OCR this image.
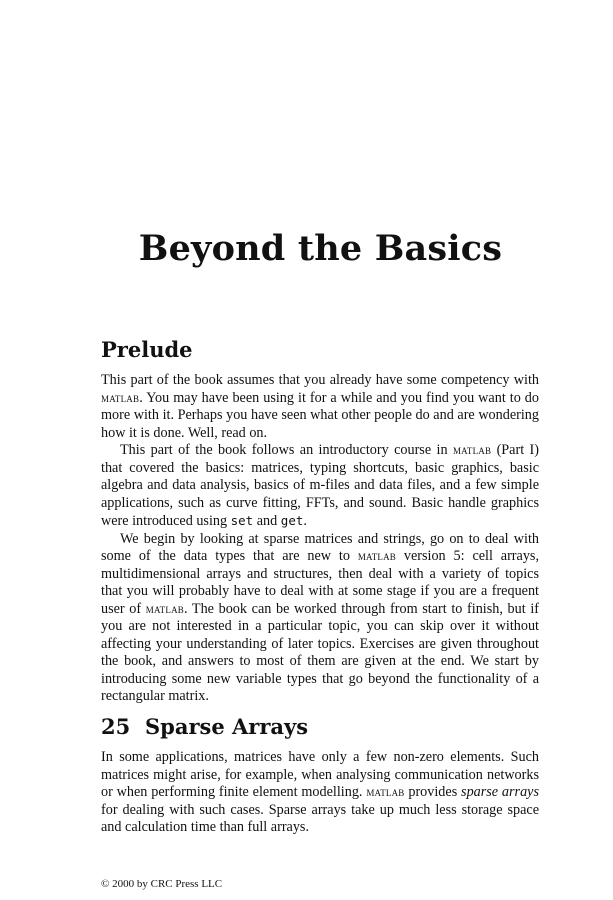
Beyond the Basics
Prelude

This part of the book assumes that you already have some competency with matlab. You may have been using it for a while and you find you want to do more with it. Perhaps you have seen what other people do and are wondering how it is done. Well, read on.

This part of the book follows an introductory course in matlab (Part I) that covered the basics: matrices, typing shortcuts, basic graphics, basic algebra and data analysis, basics of m-files and data files, and a few simple applications, such as curve fitting, FFTs, and sound. Basic handle graphics were introduced using set and get.

We begin by looking at sparse matrices and strings, go on to deal with some of the data types that are new to matlab version 5: cell arrays, multidimensional arrays and structures, then deal with a variety of topics that you will probably have to deal with at some stage if you are a frequent user of matlab. The book can be worked through from start to finish, but if you are not interested in a particular topic, you can skip over it without affecting your understanding of later topics. Exercises are given throughout the book, and answers to most of them are given at the end. We start by introducing some new variable types that go beyond the functionality of a rectangular matrix.

25 Sparse Arrays

In some applications, matrices have only a few non-zero elements. Such matrices might arise, for example, when analysing communication networks or when performing finite element modelling. matlab provides sparse arrays for dealing with such cases. Sparse arrays take up much less storage space and calculation time than full arrays.

© 2000 by CRC Press LLC
